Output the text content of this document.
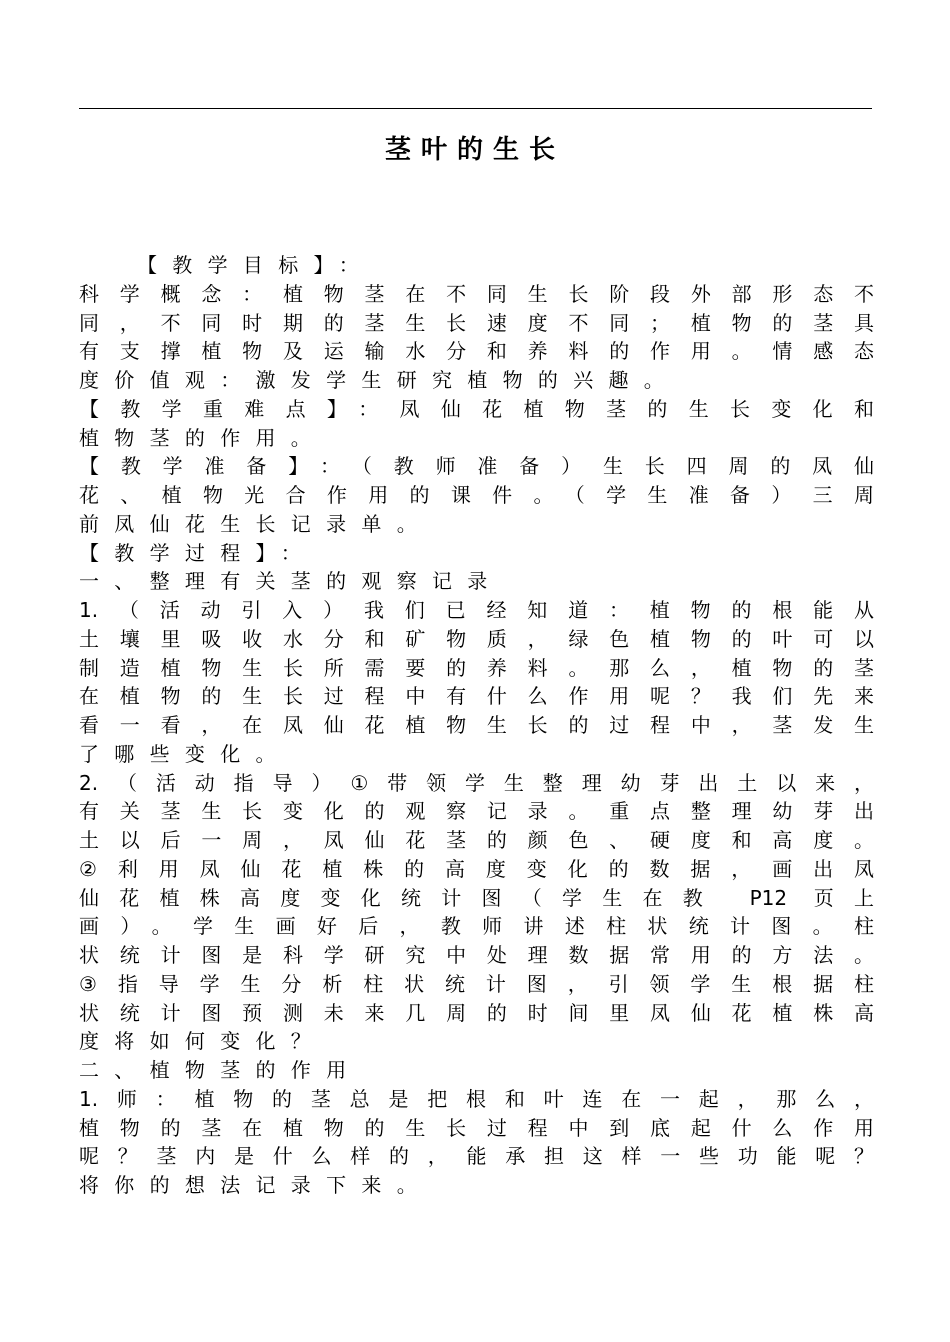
茎叶的生长
【教学目标】：
科学概念：植物茎在不同生长阶段外部形态不
同，不同时期的茎生长速度不同；植物的茎具
有支撑植物及运输水分和养料的作用。情感态
度价值观：激发学生研究植物的兴趣。
【教学重难点】：凤仙花植物茎的生长变化和
植物茎的作用。
【教学准备】：（教师准备）生长四周的凤仙
花、植物光合作用的课件。（学生准备）三周
前凤仙花生长记录单。
【教学过程】：
一、整理有关茎的观察记录
1.（活动引入）我们已经知道：植物的根能从
土壤里吸收水分和矿物质，绿色植物的叶可以
制造植物生长所需要的养料。那么，植物的茎
在植物的生长过程中有什么作用呢？我们先来
看一看，在凤仙花植物生长的过程中，茎发生
了哪些变化。
2.（活动指导）①带领学生整理幼芽出土以来，
有关茎生长变化的观察记录。重点整理幼芽出
土以后一周，凤仙花茎的颜色、硬度和高度。
②利用凤仙花植株的高度变化的数据，画出凤
仙花植株高度变化统计图（学生在教 P12 页上
画）。学生画好后，教师讲述柱状统计图。柱
状统计图是科学研究中处理数据常用的方法。
③指导学生分析柱状统计图，引领学生根据柱
状统计图预测未来几周的时间里凤仙花植株高
度将如何变化？
二、植物茎的作用
1.师：植物的茎总是把根和叶连在一起，那么，
植物的茎在植物的生长过程中到底起什么作用
呢？茎内是什么样的，能承担这样一些功能呢？
将你的想法记录下来。
